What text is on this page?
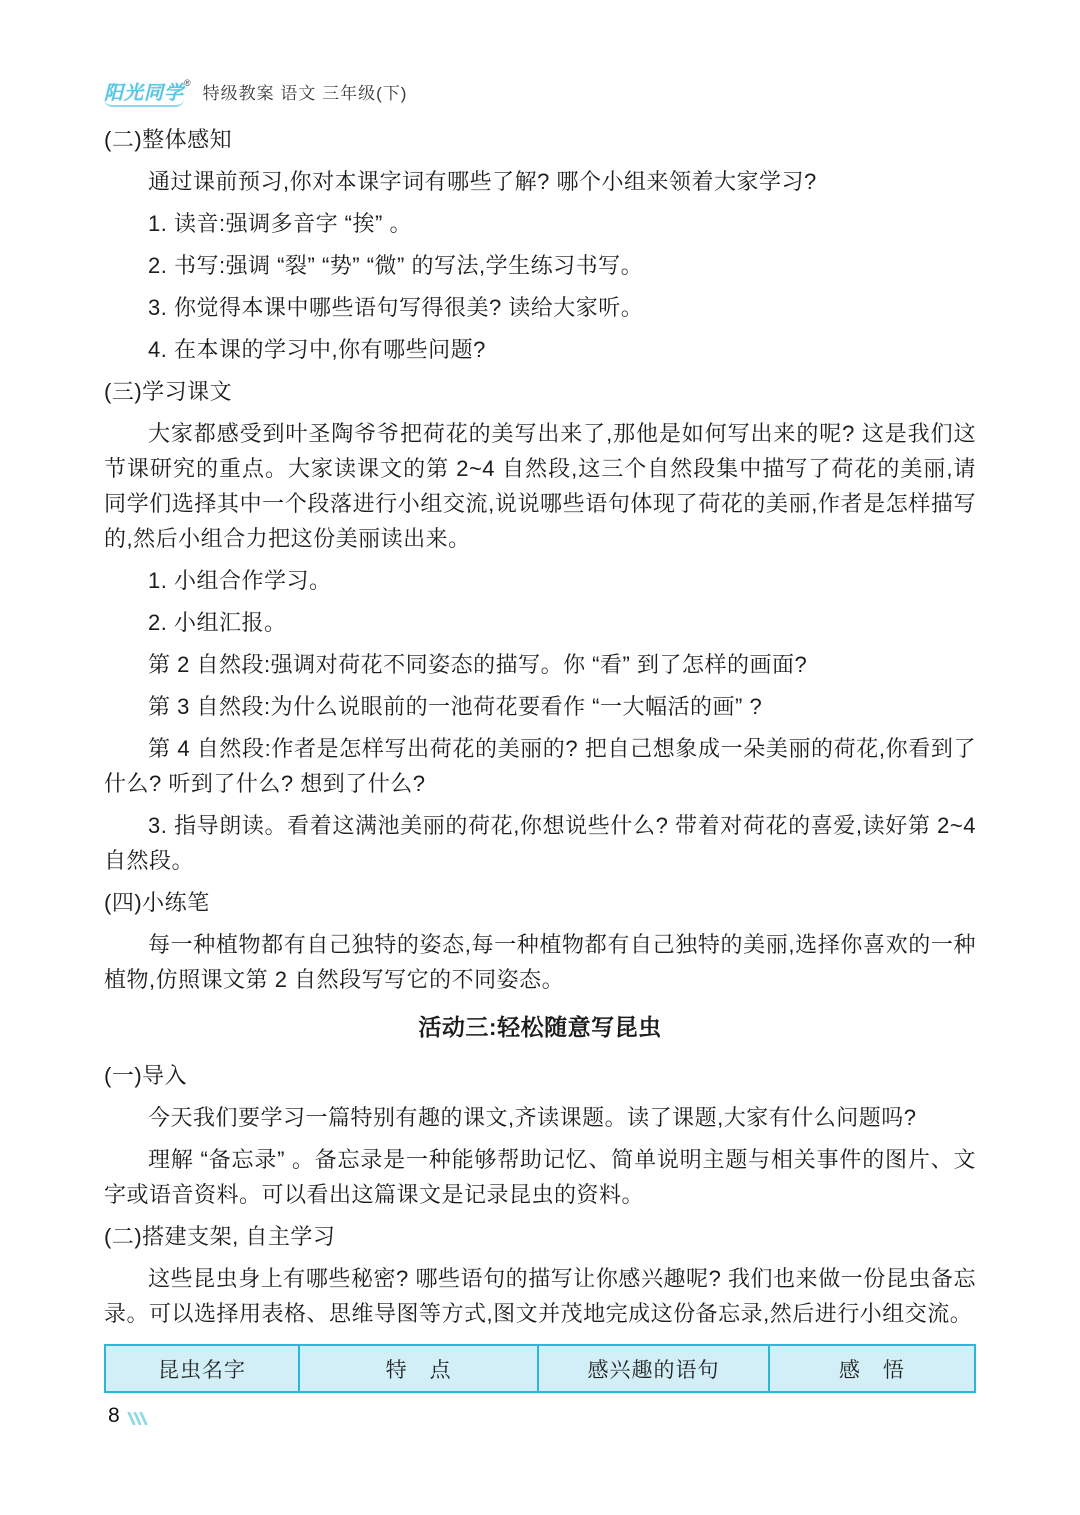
阳光同学®
特级教案 语文 三年级(下)

(二)整体感知

通过课前预习,你对本课字词有哪些了解? 哪个小组来领着大家学习?

1. 读音:强调多音字 “挨” 。

2. 书写:强调 “裂” “势” “微” 的写法,学生练习书写。

3. 你觉得本课中哪些语句写得很美? 读给大家听。

4. 在本课的学习中,你有哪些问题?

(三)学习课文

大家都感受到叶圣陶爷爷把荷花的美写出来了,那他是如何写出来的呢? 这是我们这节课研究的重点。大家读课文的第 2~4 自然段,这三个自然段集中描写了荷花的美丽,请同学们选择其中一个段落进行小组交流,说说哪些语句体现了荷花的美丽,作者是怎样描写的,然后小组合力把这份美丽读出来。

1. 小组合作学习。

2. 小组汇报。

第 2 自然段:强调对荷花不同姿态的描写。你 “看” 到了怎样的画面?

第 3 自然段:为什么说眼前的一池荷花要看作 “一大幅活的画” ?

第 4 自然段:作者是怎样写出荷花的美丽的? 把自己想象成一朵美丽的荷花,你看到了什么? 听到了什么? 想到了什么?

3. 指导朗读。看着这满池美丽的荷花,你想说些什么? 带着对荷花的喜爱,读好第 2~4 自然段。

(四)小练笔

每一种植物都有自己独特的姿态,每一种植物都有自己独特的美丽,选择你喜欢的一种植物,仿照课文第 2 自然段写写它的不同姿态。

活动三:轻松随意写昆虫

(一)导入

今天我们要学习一篇特别有趣的课文,齐读课题。读了课题,大家有什么问题吗?

理解 “备忘录” 。备忘录是一种能够帮助记忆、简单说明主题与相关事件的图片、文字或语音资料。可以看出这篇课文是记录昆虫的资料。

(二)搭建支架, 自主学习

这些昆虫身上有哪些秘密? 哪些语句的描写让你感兴趣呢? 我们也来做一份昆虫备忘录。可以选择用表格、思维导图等方式,图文并茂地完成这份备忘录,然后进行小组交流。

昆虫名字	特　点	感兴趣的语句	感　悟
8
